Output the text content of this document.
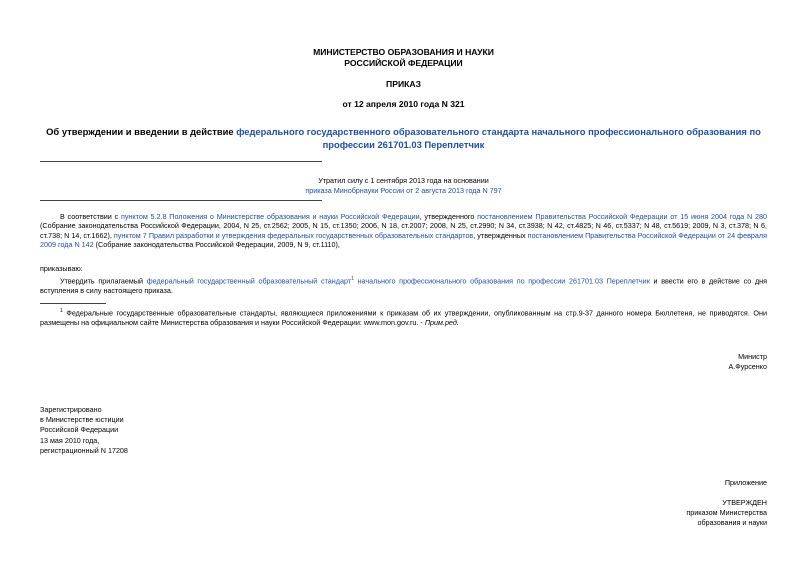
МИНИСТЕРСТВО ОБРАЗОВАНИЯ И НАУКИ
РОССИЙСКОЙ ФЕДЕРАЦИИ
ПРИКАЗ
от 12 апреля 2010 года N 321
Об утверждении и введении в действие федерального государственного образовательного стандарта начального профессионального образования по профессии 261701.03 Переплетчик
Утратил силу с 1 сентября 2013 года на основании
приказа Минобрнауки России от 2 августа 2013 года N 797

В соответствии с пунктом 5.2.8 Положения о Министерстве образования и науки Российской Федерации, утвержденного постановлением Правительства Российской Федерации от 15 июня 2004 года N 280 (Собрание законодательства Российской Федерации, 2004, N 25, ст.2562; 2005, N 15, ст.1350; 2006, N 18, ст.2007; 2008, N 25, ст.2990; N 34, ст.3938; N 42, ст.4825; N 46, ст.5337; N 48, ст.5619; 2009, N 3, ст.378; N 6, ст.738; N 14, ст.1662), пунктом 7 Правил разработки и утверждения федеральных государственных образовательных стандартов, утвержденных постановлением Правительства Российской Федерации от 24 февраля 2009 года N 142 (Собрание законодательства Российской Федерации, 2009, N 9, ст.1110),

приказываю:

Утвердить прилагаемый федеральный государственный образовательный стандарт$^1$ начального профессионального образования по профессии 261701.03 Переплетчик и ввести его в действие со дня вступления в силу настоящего приказа.

$^1$ Федеральные государственные образовательные стандарты, являющиеся приложениями к приказам об их утверждении, опубликованным на стр.9-37 данного номера Бюллетеня, не приводятся. Они размещены на официальном сайте Министерства образования и науки Российской Федерации: www.mon.gov.ru. - Прим.ред.

Министр
А.Фурсенко
Зарегистрировано
в Министерстве юстиции
Российской Федерации
13 мая 2010 года,
регистрационный N 17208
Приложение
УТВЕРЖДЕН
приказом Министерства
образования и науки
